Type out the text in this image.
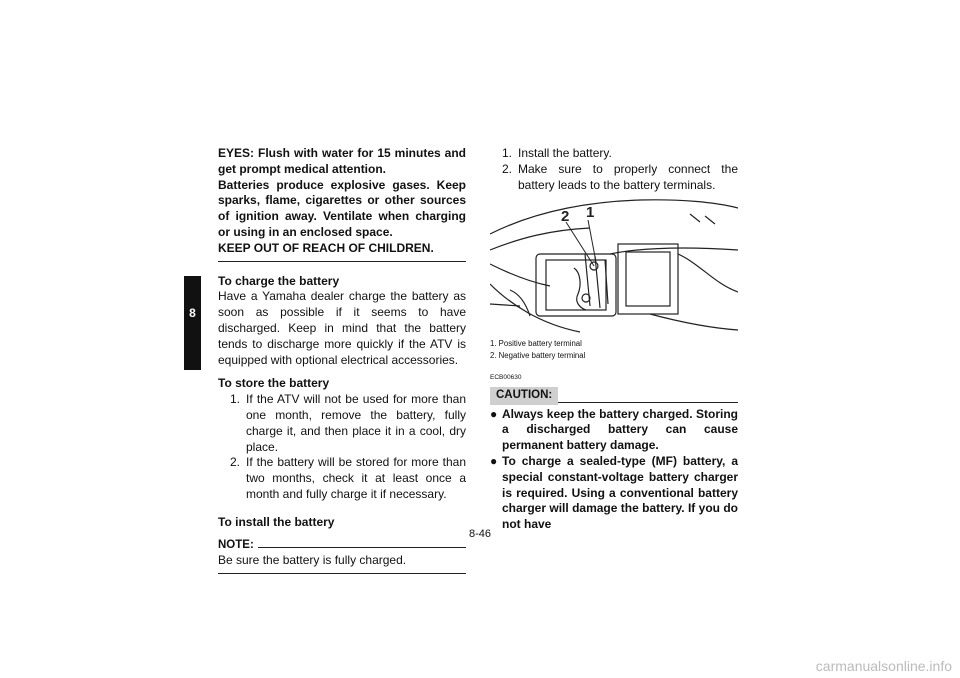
8

EYES: Flush with water for 15 minutes and get prompt medical attention.

Batteries produce explosive gases. Keep sparks, flame, cigarettes or other sources of ignition away. Ventilate when charging or using in an enclosed space.

KEEP OUT OF REACH OF CHILDREN.

To charge the battery

Have a Yamaha dealer charge the battery as soon as possible if it seems to have discharged. Keep in mind that the battery tends to discharge more quickly if the ATV is equipped with optional electrical accessories.

To store the battery

1. If the ATV will not be used for more than one month, remove the battery, fully charge it, and then place it in a cool, dry place.
2. If the battery will be stored for more than two months, check it at least once a month and fully charge it if necessary.

To install the battery

NOTE:

Be sure the battery is fully charged.

1. Install the battery.
2. Make sure to properly connect the battery leads to the battery terminals.
2 1

1. Positive battery terminal

2. Negative battery terminal

ECB00630

CAUTION:
● Always keep the battery charged. Storing a discharged battery can cause permanent battery damage.
● To charge a sealed-type (MF) battery, a special constant-voltage battery charger is required. Using a conventional battery charger will damage the battery. If you do not have
8-46
carmanualsonline.info
